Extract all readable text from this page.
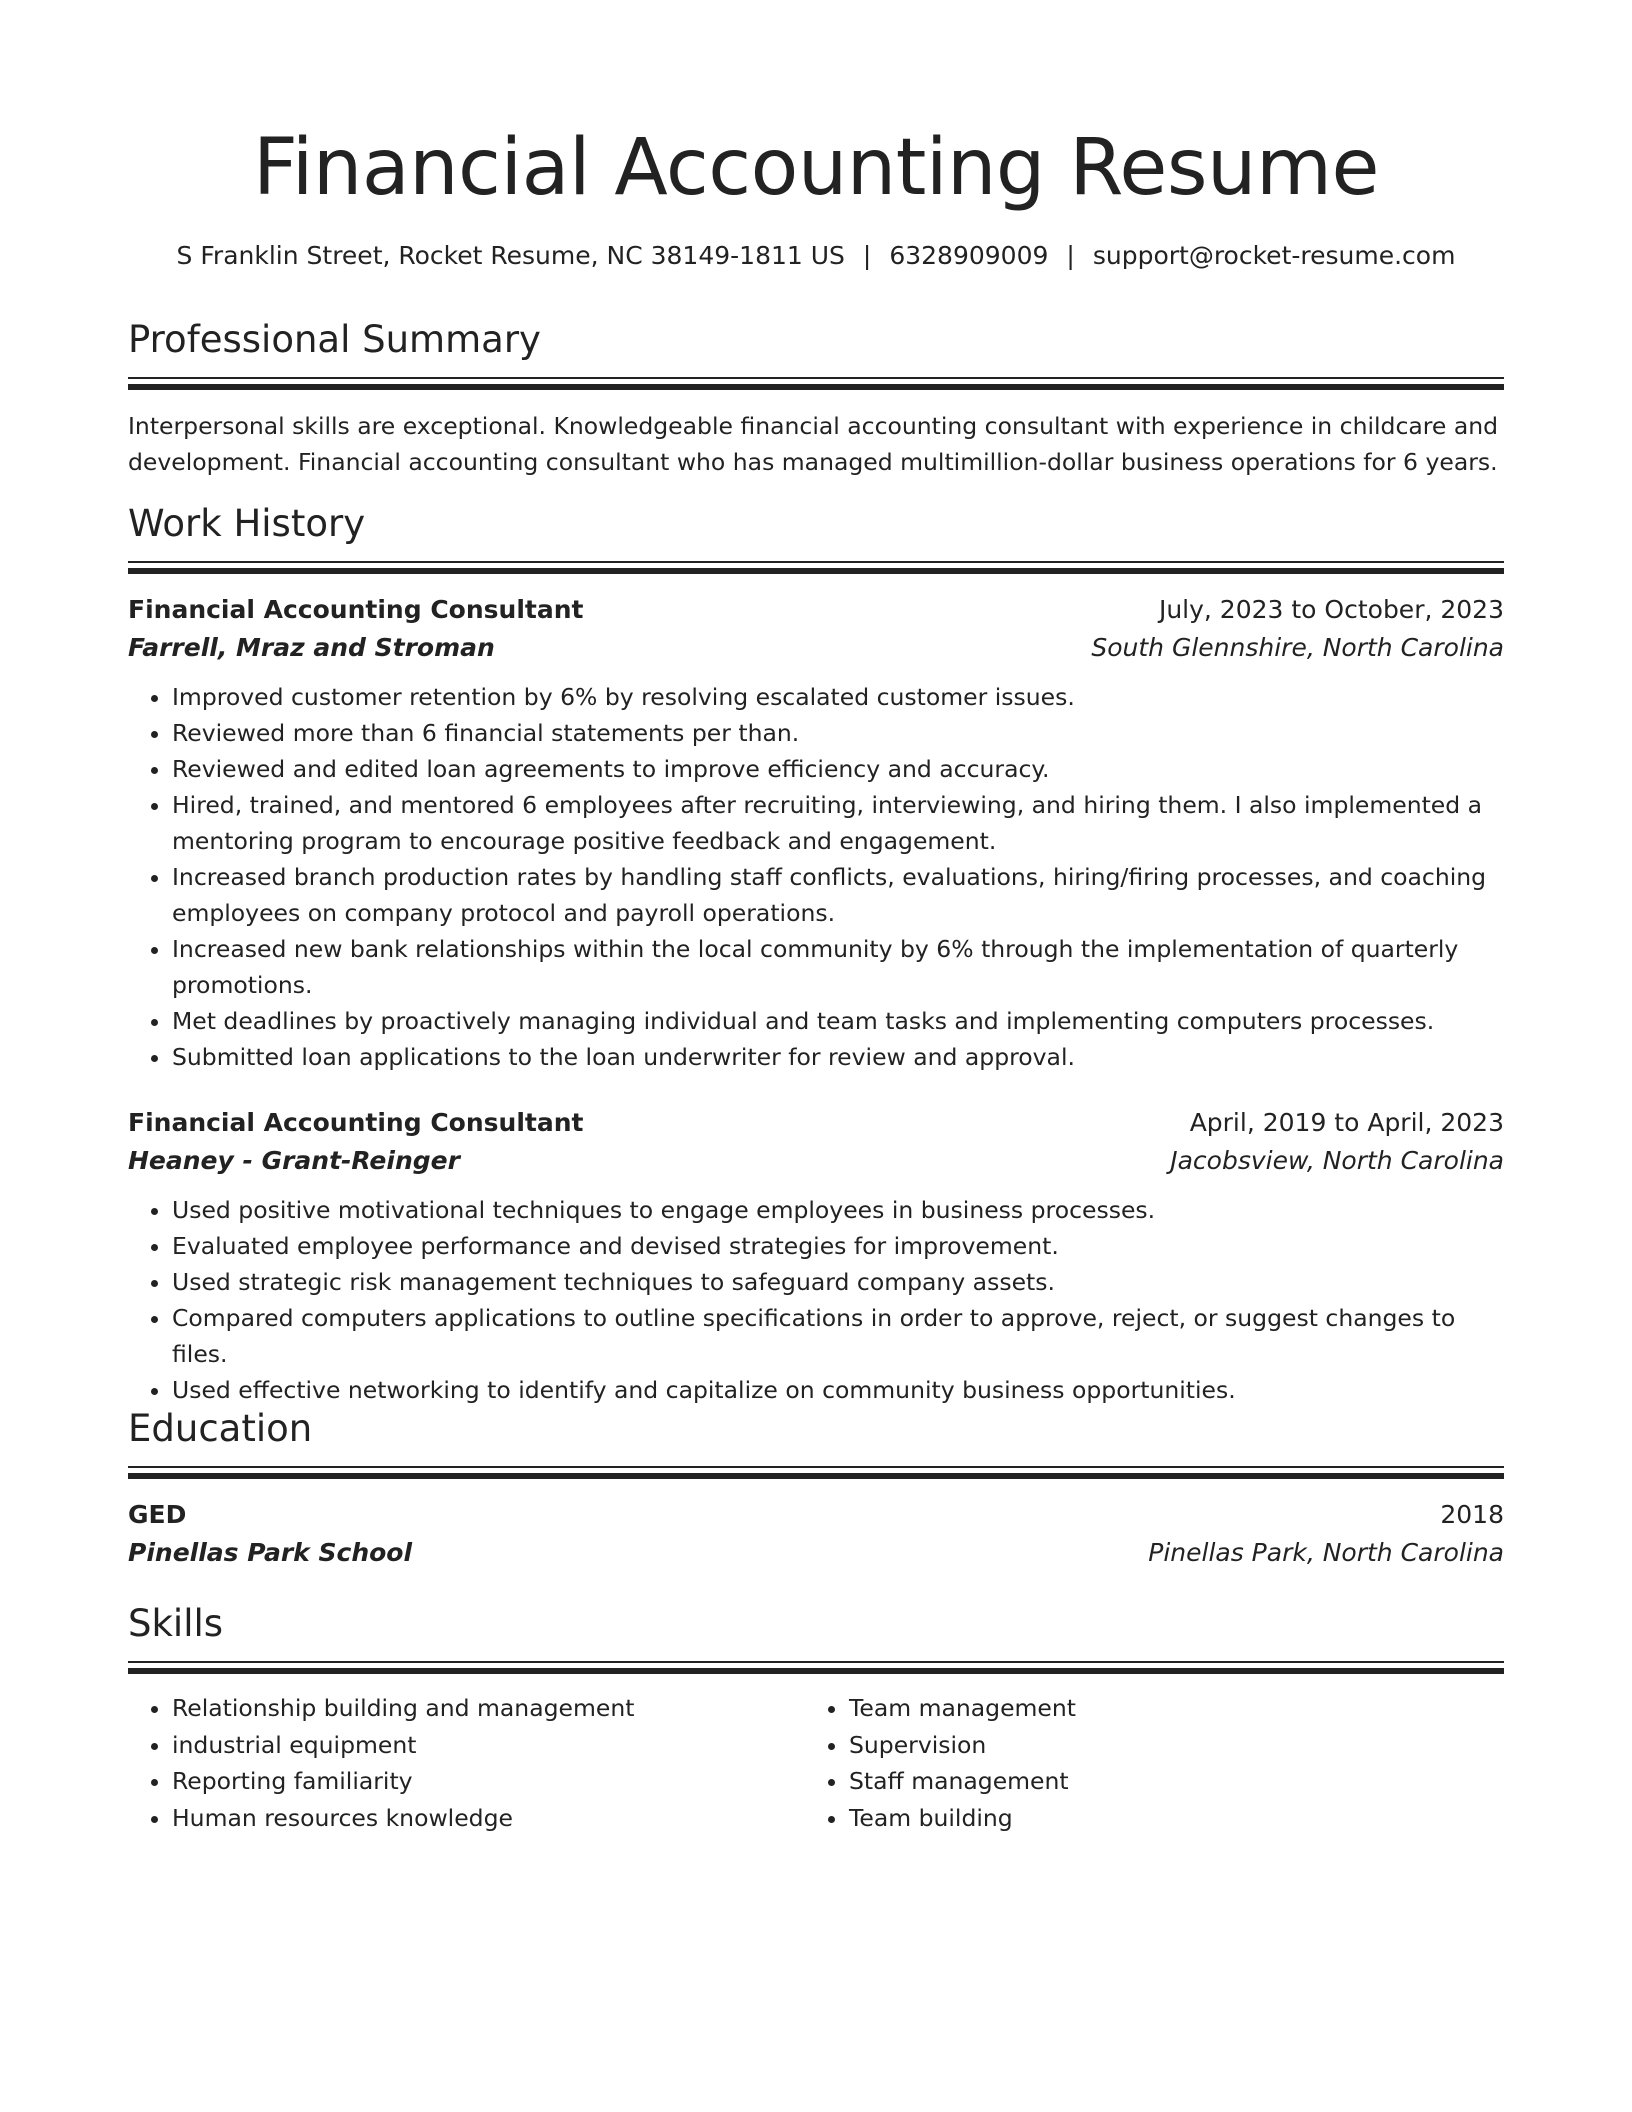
Financial Accounting Resume
S Franklin Street, Rocket Resume, NC 38149-1811 US | 6328909009 | support@rocket-resume.com
Professional Summary
Interpersonal skills are exceptional. Knowledgeable financial accounting consultant with experience in childcare and development. Financial accounting consultant who has managed multimillion-dollar business operations for 6 years.
Work History
Financial Accounting Consultant	July, 2023 to October, 2023
Farrell, Mraz and Stroman	South Glennshire, North Carolina
• Improved customer retention by 6% by resolving escalated customer issues.
• Reviewed more than 6 financial statements per than.
• Reviewed and edited loan agreements to improve efficiency and accuracy.
• Hired, trained, and mentored 6 employees after recruiting, interviewing, and hiring them. I also implemented a mentoring program to encourage positive feedback and engagement.
• Increased branch production rates by handling staff conflicts, evaluations, hiring/firing processes, and coaching employees on company protocol and payroll operations.
• Increased new bank relationships within the local community by 6% through the implementation of quarterly promotions.
• Met deadlines by proactively managing individual and team tasks and implementing computers processes.
• Submitted loan applications to the loan underwriter for review and approval.
Financial Accounting Consultant	April, 2019 to April, 2023
Heaney - Grant-Reinger	Jacobsview, North Carolina
• Used positive motivational techniques to engage employees in business processes.
• Evaluated employee performance and devised strategies for improvement.
• Used strategic risk management techniques to safeguard company assets.
• Compared computers applications to outline specifications in order to approve, reject, or suggest changes to files.
• Used effective networking to identify and capitalize on community business opportunities.
Education
GED	2018
Pinellas Park School	Pinellas Park, North Carolina
Skills
• Relationship building and management
• industrial equipment
• Reporting familiarity
• Human resources knowledge
• Team management
• Supervision
• Staff management
• Team building
